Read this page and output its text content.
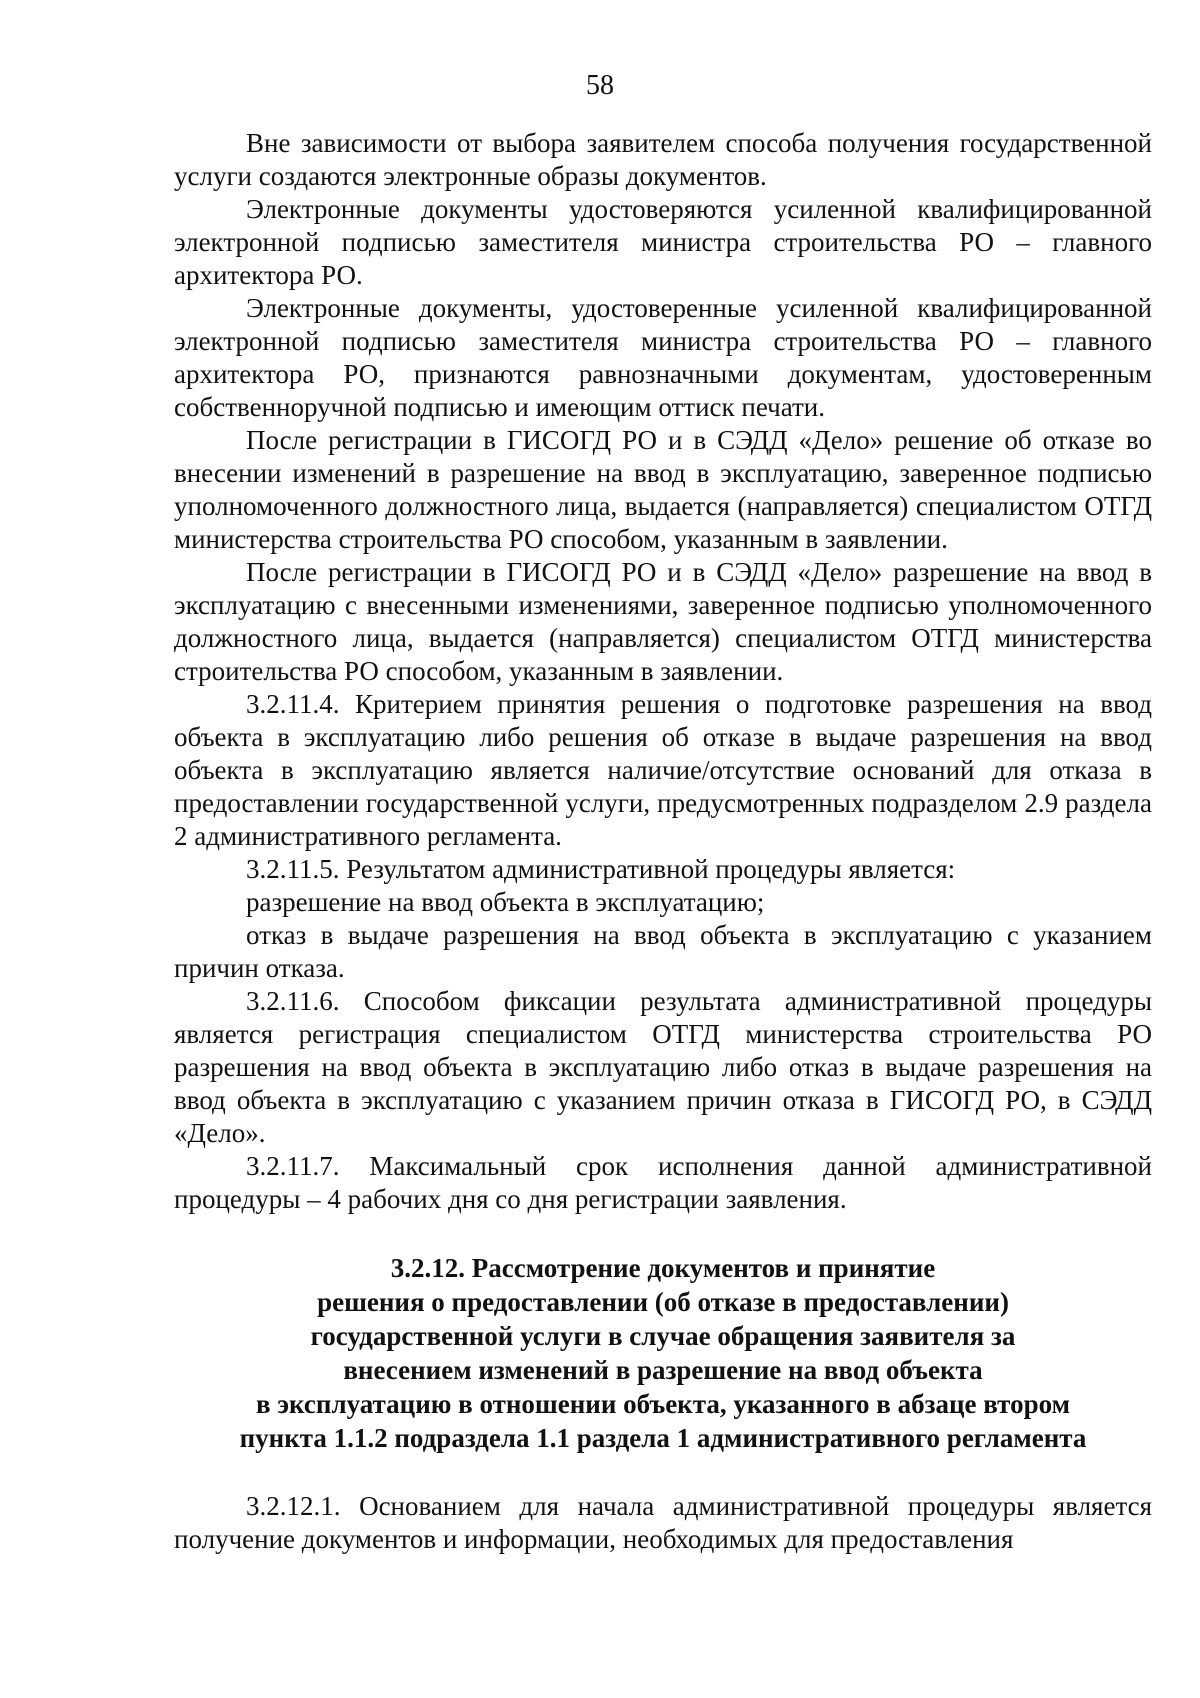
58

Вне зависимости от выбора заявителем способа получения государственной услуги создаются электронные образы документов.

Электронные документы удостоверяются усиленной квалифицированной электронной подписью заместителя министра строительства РО – главного архитектора РО.

Электронные документы, удостоверенные усиленной квалифицированной электронной подписью заместителя министра строительства РО – главного архитектора РО, признаются равнозначными документам, удостоверенным собственноручной подписью и имеющим оттиск печати.

После регистрации в ГИСОГД РО и в СЭДД «Дело» решение об отказе во внесении изменений в разрешение на ввод в эксплуатацию, заверенное подписью уполномоченного должностного лица, выдается (направляется) специалистом ОТГД министерства строительства РО способом, указанным в заявлении.

После регистрации в ГИСОГД РО и в СЭДД «Дело» разрешение на ввод в эксплуатацию с внесенными изменениями, заверенное подписью уполномоченного должностного лица, выдается (направляется) специалистом ОТГД министерства строительства РО способом, указанным в заявлении.

3.2.11.4. Критерием принятия решения о подготовке разрешения на ввод объекта в эксплуатацию либо решения об отказе в выдаче разрешения на ввод объекта в эксплуатацию является наличие/отсутствие оснований для отказа в предоставлении государственной услуги, предусмотренных подразделом 2.9 раздела 2 административного регламента.

3.2.11.5. Результатом административной процедуры является:

разрешение на ввод объекта в эксплуатацию;

отказ в выдаче разрешения на ввод объекта в эксплуатацию с указанием причин отказа.

3.2.11.6. Способом фиксации результата административной процедуры является регистрация специалистом ОТГД министерства строительства РО разрешения на ввод объекта в эксплуатацию либо отказ в выдаче разрешения на ввод объекта в эксплуатацию с указанием причин отказа в ГИСОГД РО, в СЭДД «Дело».

3.2.11.7. Максимальный срок исполнения данной административной процедуры – 4 рабочих дня со дня регистрации заявления.

3.2.12. Рассмотрение документов и принятие
решения о предоставлении (об отказе в предоставлении)
государственной услуги в случае обращения заявителя за
внесением изменений в разрешение на ввод объекта
в эксплуатацию в отношении объекта, указанного в абзаце втором
пункта 1.1.2 подраздела 1.1 раздела 1 административного регламента

3.2.12.1. Основанием для начала административной процедуры является получение документов и информации, необходимых для предоставления
